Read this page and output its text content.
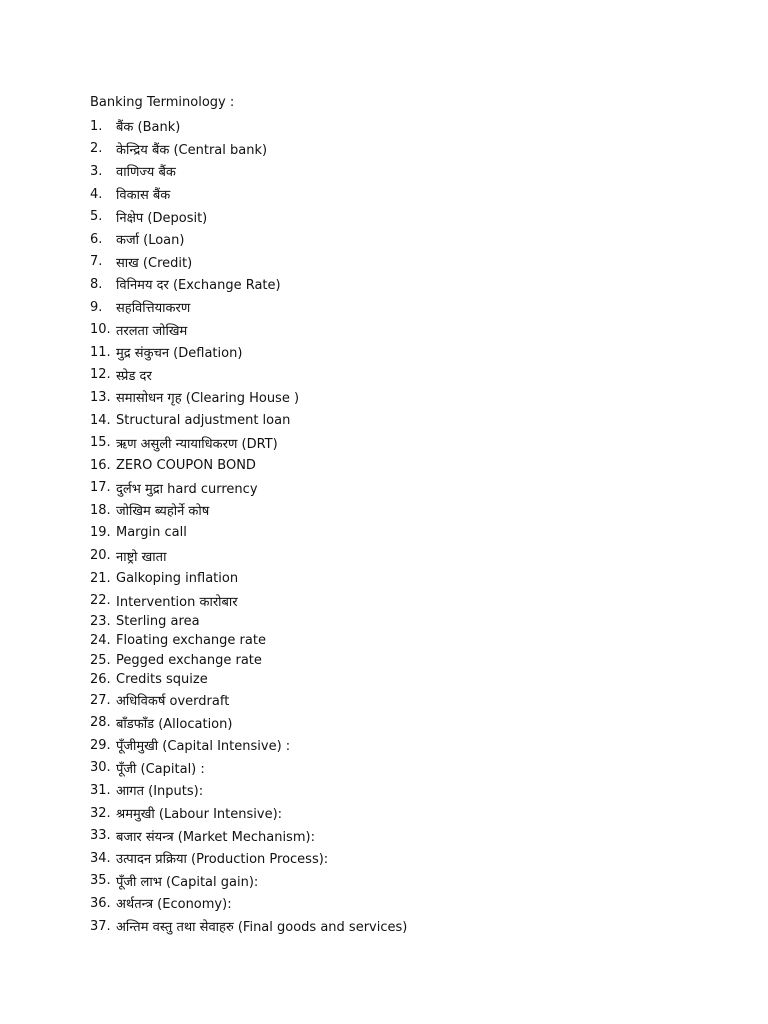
Banking Terminology :
1.	बैंक (Bank)
2.	केन्द्रिय बैंक (Central bank)
3.	वाणिज्य बैंक
4.	विकास बैंक
5.	निक्षेप (Deposit)
6.	कर्जा (Loan)
7.	साख (Credit)
8.	विनिमय दर (Exchange Rate)
9.	सहवित्तियाकरण
10. तरलता जोखिम
11. मुद्र संकुचन (Deflation)
12. स्प्रेड दर
13. समासोधन गृह (Clearing House )
14. Structural adjustment loan
15. ऋण असुली न्यायाधिकरण (DRT)
16. ZERO COUPON BOND
17. दुर्लभ मुद्रा hard currency
18. जोखिम ब्यहोर्ने कोष
19. Margin call
20. नाष्ट्रो खाता
21. Galkoping inflation
22. Intervention कारोबार
23. Sterling area
24. Floating exchange rate
25. Pegged exchange rate
26. Credits squize
27. अधिविकर्ष overdraft
28. बाँडफाँड (Allocation)
29. पूँजीमुखी (Capital Intensive) :
30. पूँजी (Capital) :
31. आगत (Inputs):
32. श्रममुखी (Labour Intensive):
33. बजार संयन्त्र (Market Mechanism):
34. उत्पादन प्रक्रिया (Production Process):
35. पूँजी लाभ (Capital gain):
36. अर्थतन्त्र (Economy):
37. अन्तिम वस्तु तथा सेवाहरु (Final goods and services)
